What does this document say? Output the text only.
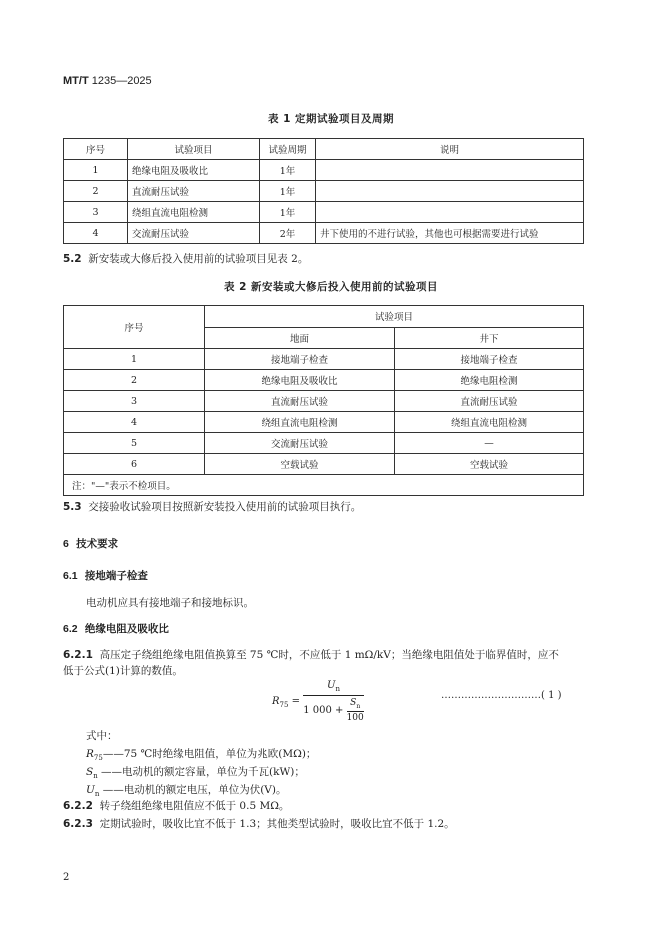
MT/T 1235—2025
表 1 定期试验项目及周期
序号	试验项目	试验周期	说明
1	绝缘电阻及吸收比	1年	
2	直流耐压试验	1年	
3	绕组直流电阻检测	1年	
4	交流耐压试验	2年	井下使用的不进行试验，其他也可根据需要进行试验
5.2 新安装或大修后投入使用前的试验项目见表 2。
表 2 新安装或大修后投入使用前的试验项目
序号	试验项目	
	地面	井下
1	接地端子检查	接地端子检查
2	绝缘电阻及吸收比	绝缘电阻检测
3	直流耐压试验	直流耐压试验
4	绕组直流电阻检测	绕组直流电阻检测
5	交流耐压试验	—
6	空载试验	空载试验
注："—"表示不检项目。		
5.3 交接验收试验项目按照新安装投入使用前的试验项目执行。
6 技术要求
6.1 接地端子检查
电动机应具有接地端子和接地标识。
6.2 绝缘电阻及吸收比
6.2.1 高压定子绕组绝缘电阻值换算至 75 ℃时，不应低于 1 mΩ/kV；当绝缘电阻值处于临界值时，应不
低于公式(1)计算的数值。
$R_{75} = \frac{U_n}{1 000 + \frac{S_n}{100}}$	…………………………( 1 )
式中：
$R_{75}——75$ ℃时绝缘电阻值，单位为兆欧(MΩ)；
$S_n$ ——电动机的额定容量，单位为千瓦(kW)；
$U_n$ ——电动机的额定电压，单位为伏(V)。
6.2.2 转子绕组绝缘电阻值应不低于 0.5 MΩ。
6.2.3 定期试验时，吸收比宜不低于 1.3；其他类型试验时，吸收比宜不低于 1.2。
2
